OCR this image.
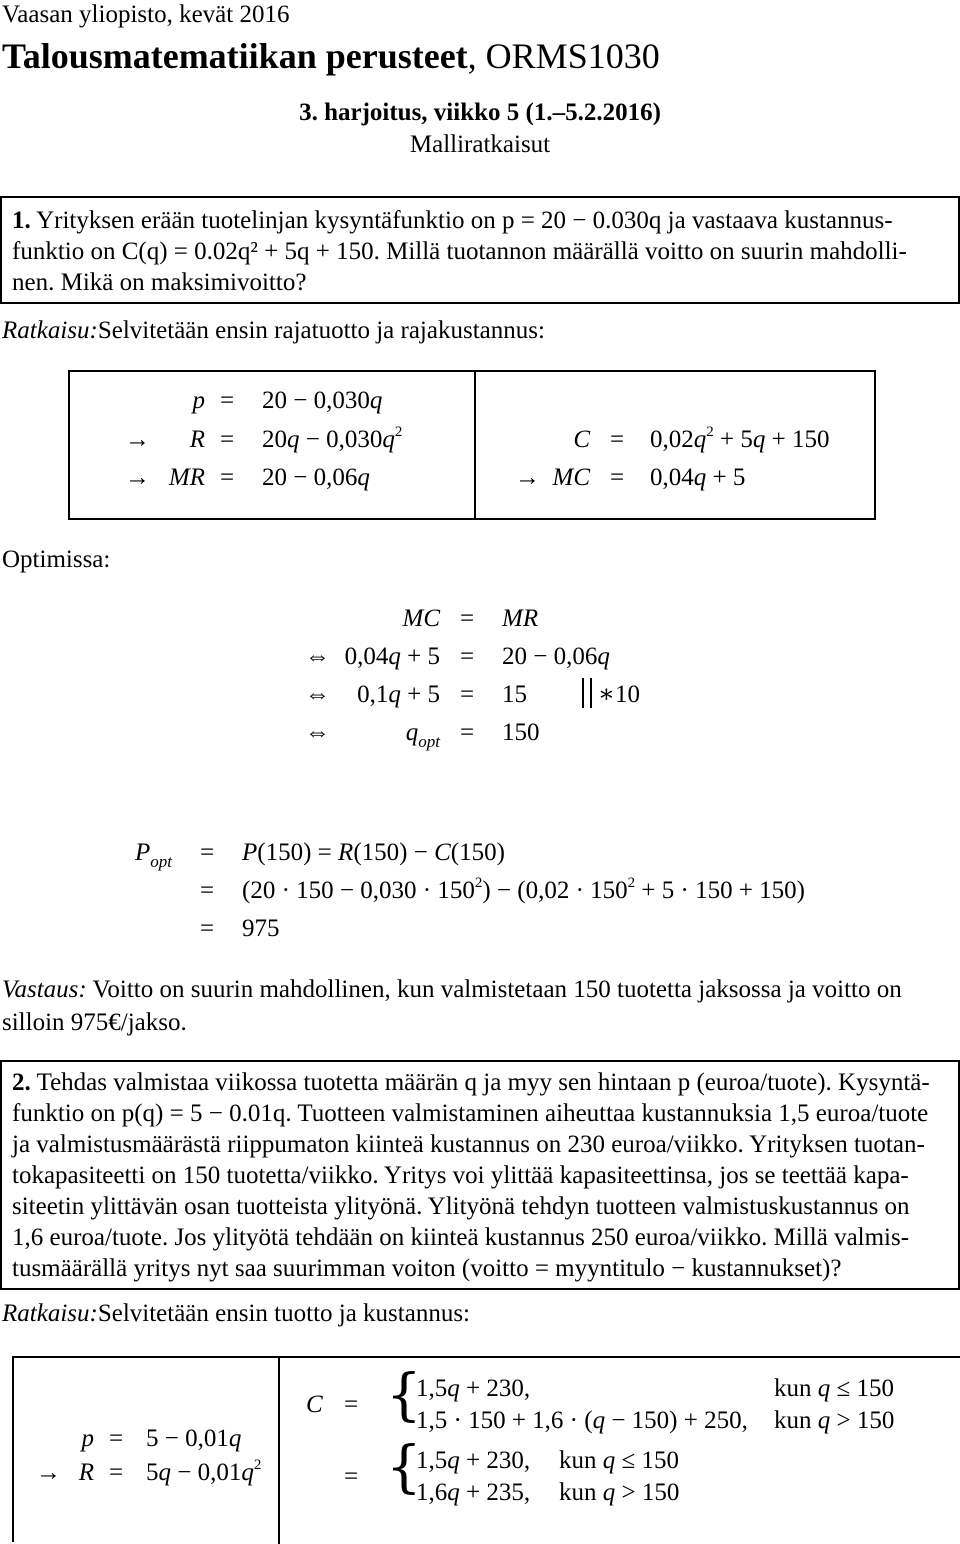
Vaasan yliopisto, kevät 2016
Talousmatematiikan perusteet, ORMS1030
3. harjoitus, viikko 5 (1.–5.2.2016)
Malliratkaisut
1. Yrityksen erään tuotelinjan kysyntäfunktio on p = 20 − 0.030q ja vastaava kustannus-
funktio on C(q) = 0.02q² + 5q + 150. Millä tuotannon määrällä voitto on suurin mahdolli-
nen. Mikä on maksimivoitto?
Ratkaisu:Selvitetään ensin rajatuotto ja rajakustannus:
p = 20 − 0,030q
→	$R = 20q - 0,030q^2$
→ MR = 20 − 0,06q
$C = 0,02q^2 + 5q + 150$
→ MC = 0,04q + 5
Optimissa:
MC = MR
⇔ 0,04q + 5 = 20 − 0,06q
⇔	0,1q + 5 = 15	∗10
⇔	$q_{opt} = 150$
$P_{opt} = P(150) = R(150) - C(150)$
= $(20 \cdot 150 - 0,030 \cdot 150^2) - (0,02 \cdot 150^2 + 5 \cdot 150 + 150)$
= 975
Vastaus: Voitto on suurin mahdollinen, kun valmistetaan 150 tuotetta jaksossa ja voitto on
silloin 975€/jakso.
2. Tehdas valmistaa viikossa tuotetta määrän q ja myy sen hintaan p (euroa/tuote). Kysyntä-
funktio on p(q) = 5 − 0.01q. Tuotteen valmistaminen aiheuttaa kustannuksia 1,5 euroa/tuote
ja valmistusmäärästä riippumaton kiinteä kustannus on 230 euroa/viikko. Yrityksen tuotan-
tokapasiteetti on 150 tuotetta/viikko. Yritys voi ylittää kapasiteettinsa, jos se teettää kapa-
siteetin ylittävän osan tuotteista ylityönä. Ylityönä tehdyn tuotteen valmistuskustannus on
1,6 euroa/tuote. Jos ylityötä tehdään on kiinteä kustannus 250 euroa/viikko. Millä valmis-
tusmäärällä yritys nyt saa suurimman voiton (voitto = myyntitulo − kustannukset)?
Ratkaisu:Selvitetään ensin tuotto ja kustannus:
p = 5 − 0,01q
→ $R = 5q - 0,01q^2$
C = {
1,5q + 230,	kun q ≤ 150
1,5 · 150 + 1,6 · (q − 150) + 250, kun q > 150
= {
1,5q + 230, kun q ≤ 150
1,6q + 235, kun q > 150
